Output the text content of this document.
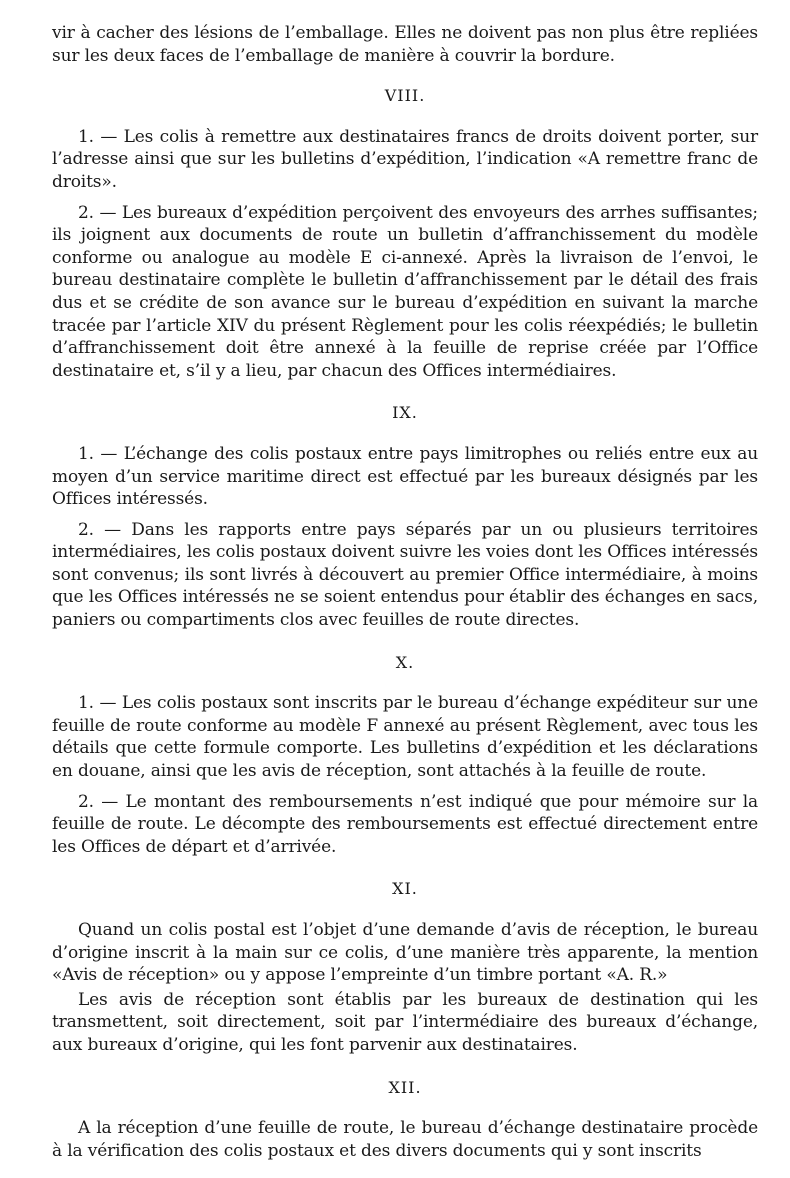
vir à cacher des lésions de l’emballage. Elles ne doivent pas non plus être repliées sur les deux faces de l’emballage de manière à couvrir la bordure.

VIII.

1. — Les colis à remettre aux destinataires francs de droits doivent porter, sur l’adresse ainsi que sur les bulletins d’expédition, l’indication «A remettre franc de droits».

2. — Les bureaux d’expédition perçoivent des envoyeurs des arrhes suffisantes; ils joignent aux documents de route un bulletin d’affranchissement du modèle conforme ou analogue au modèle E ci-annexé. Après la livraison de l’envoi, le bureau destinataire complète le bulletin d’affranchissement par le détail des frais dus et se crédite de son avance sur le bureau d’expédition en suivant la marche tracée par l’article XIV du présent Règlement pour les colis réexpédiés; le bulletin d’affranchissement doit être annexé à la feuille de reprise créée par l’Office destinataire et, s’il y a lieu, par chacun des Offices intermédiaires.

IX.

1. — L’échange des colis postaux entre pays limitrophes ou reliés entre eux au moyen d’un service maritime direct est effectué par les bureaux désignés par les Offices intéressés.

2. — Dans les rapports entre pays séparés par un ou plusieurs territoires intermédiaires, les colis postaux doivent suivre les voies dont les Offices intéressés sont convenus; ils sont livrés à découvert au premier Office intermédiaire, à moins que les Offices intéressés ne se soient entendus pour établir des échanges en sacs, paniers ou compartiments clos avec feuilles de route directes.

X.

1. — Les colis postaux sont inscrits par le bureau d’échange expéditeur sur une feuille de route conforme au modèle F annexé au présent Règlement, avec tous les détails que cette formule comporte. Les bulletins d’expédition et les déclarations en douane, ainsi que les avis de réception, sont attachés à la feuille de route.

2. — Le montant des remboursements n’est indiqué que pour mémoire sur la feuille de route. Le décompte des remboursements est effectué directement entre les Offices de départ et d’arrivée.

XI.

Quand un colis postal est l’objet d’une demande d’avis de réception, le bureau d’origine inscrit à la main sur ce colis, d’une manière très apparente, la mention «Avis de réception» ou y appose l’empreinte d’un timbre portant «A. R.»

Les avis de réception sont établis par les bureaux de destination qui les transmettent, soit directement, soit par l’intermédiaire des bureaux d’échange, aux bureaux d’origine, qui les font parvenir aux destinataires.

XII.

A la réception d’une feuille de route, le bureau d’échange destinataire procède à la vérification des colis postaux et des divers documents qui y sont inscrits
